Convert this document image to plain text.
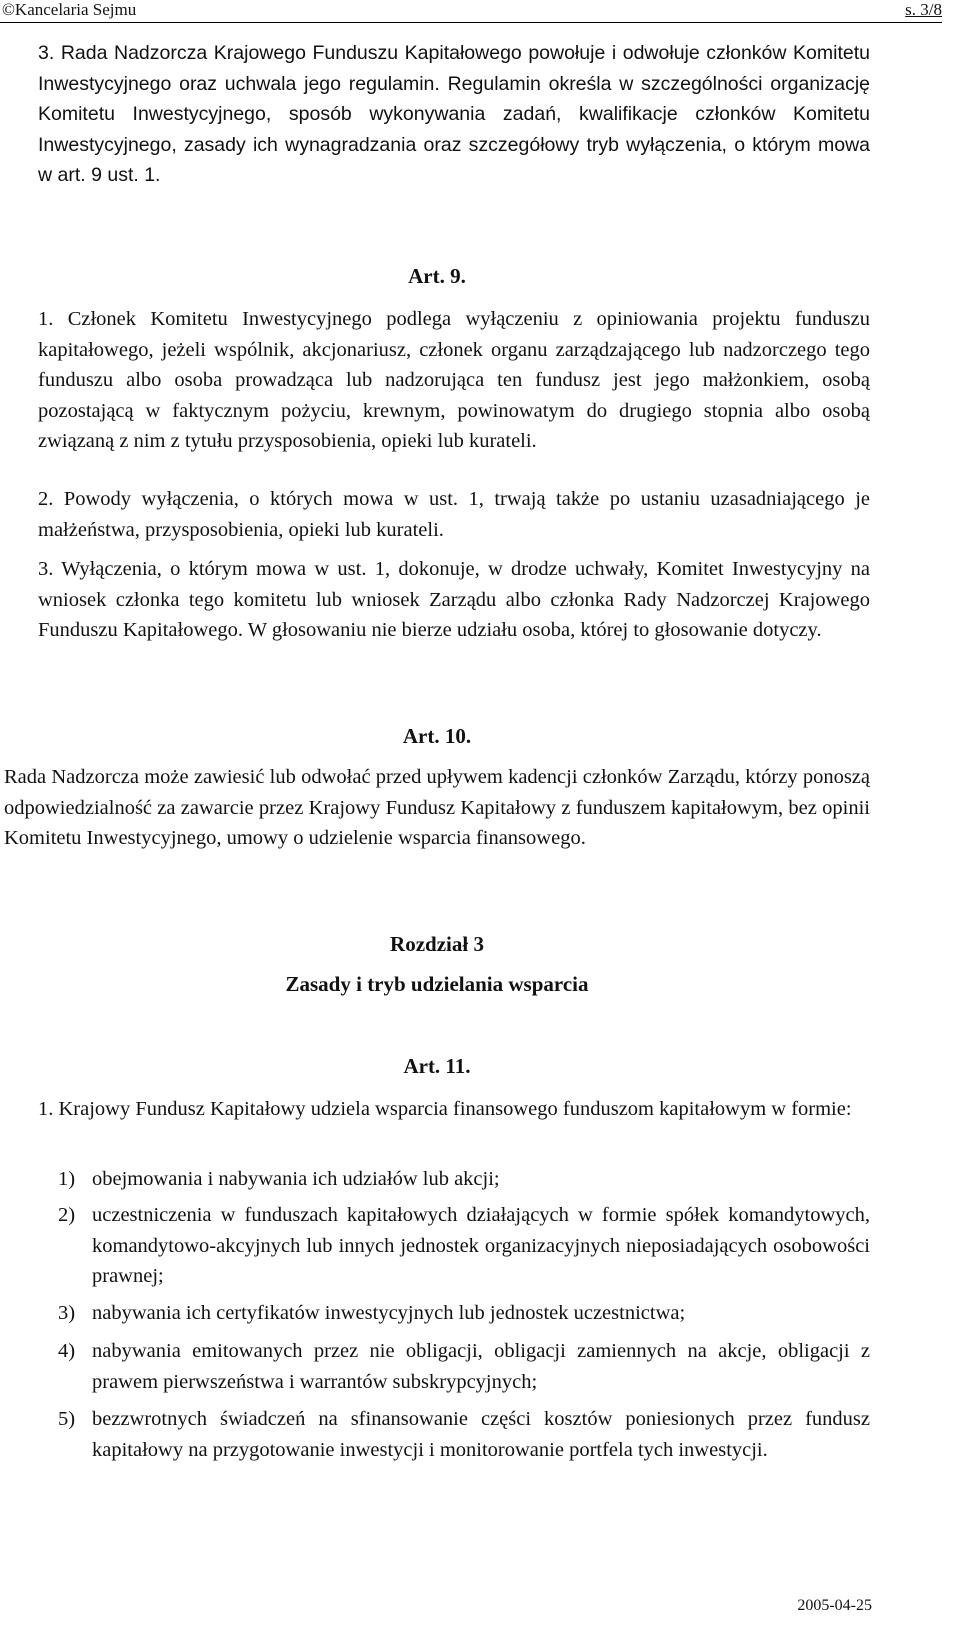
©Kancelaria Sejmu	s. 3/8

3. Rada Nadzorcza Krajowego Funduszu Kapitałowego powołuje i odwołuje członków Komitetu Inwestycyjnego oraz uchwala jego regulamin. Regulamin określa w szczególności organizację Komitetu Inwestycyjnego, sposób wykonywania zadań, kwalifikacje członków Komitetu Inwestycyjnego, zasady ich wynagradzania oraz szczegółowy tryb wyłączenia, o którym mowa w art. 9 ust. 1.

Art. 9.

1. Członek Komitetu Inwestycyjnego podlega wyłączeniu z opiniowania projektu funduszu kapitałowego, jeżeli wspólnik, akcjonariusz, członek organu zarządzającego lub nadzorczego tego funduszu albo osoba prowadząca lub nadzorująca ten fundusz jest jego małżonkiem, osobą pozostającą w faktycznym pożyciu, krewnym, powinowatym do drugiego stopnia albo osobą związaną z nim z tytułu przysposobienia, opieki lub kurateli.

2. Powody wyłączenia, o których mowa w ust. 1, trwają także po ustaniu uzasadniającego je małżeństwa, przysposobienia, opieki lub kurateli.

3. Wyłączenia, o którym mowa w ust. 1, dokonuje, w drodze uchwały, Komitet Inwestycyjny na wniosek członka tego komitetu lub wniosek Zarządu albo członka Rady Nadzorczej Krajowego Funduszu Kapitałowego. W głosowaniu nie bierze udziału osoba, której to głosowanie dotyczy.

Art. 10.

Rada Nadzorcza może zawiesić lub odwołać przed upływem kadencji członków Zarządu, którzy ponoszą odpowiedzialność za zawarcie przez Krajowy Fundusz Kapitałowy z funduszem kapitałowym, bez opinii Komitetu Inwestycyjnego, umowy o udzielenie wsparcia finansowego.

Rozdział 3
Zasady i tryb udzielania wsparcia
Art. 11.

1. Krajowy Fundusz Kapitałowy udziela wsparcia finansowego funduszom kapitałowym w formie:

1) obejmowania i nabywania ich udziałów lub akcji;
2) uczestniczenia w funduszach kapitałowych działających w formie spółek komandytowych, komandytowo-akcyjnych lub innych jednostek organizacyjnych nieposiadających osobowości prawnej;
3) nabywania ich certyfikatów inwestycyjnych lub jednostek uczestnictwa;
4) nabywania emitowanych przez nie obligacji, obligacji zamiennych na akcje, obligacji z prawem pierwszeństwa i warrantów subskrypcyjnych;
5) bezzwrotnych świadczeń na sfinansowanie części kosztów poniesionych przez fundusz kapitałowy na przygotowanie inwestycji i monitorowanie portfela tych inwestycji.
2005-04-25
